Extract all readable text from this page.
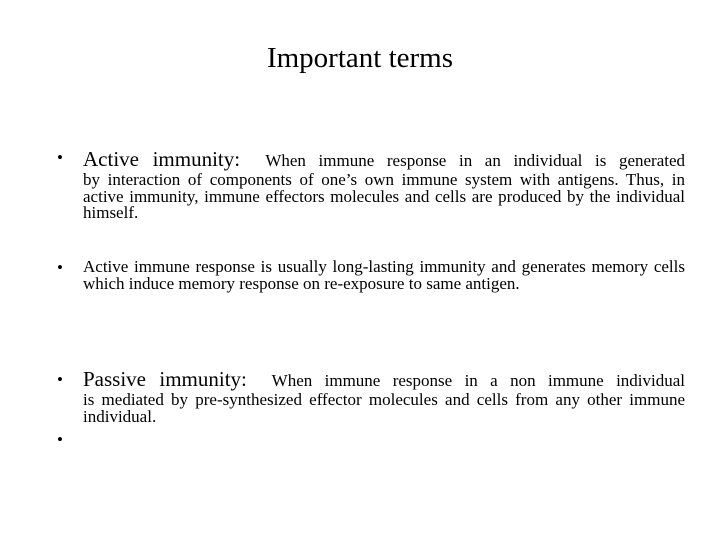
Important terms
• Active immunity: When immune response in an individual is generated
by interaction of components of one’s own immune system with antigens. Thus, in active immunity, immune effectors molecules and cells are produced by the individual himself.
• Active immune response is usually long-lasting immunity and generates memory cells which induce memory response on re-exposure to same antigen.
• Passive immunity: When immune response in a non immune individual
is mediated by pre-synthesized effector molecules and cells from any other immune individual.
•
